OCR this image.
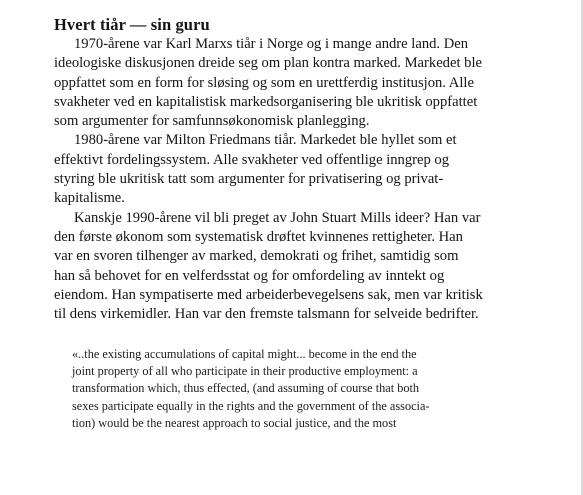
Hvert tiår — sin guru

1970-årene var Karl Marxs tiår i Norge og i mange andre land. Den
ideologiske diskusjonen dreide seg om plan kontra marked. Markedet ble
oppfattet som en form for sløsing og som en urettferdig institusjon. Alle
svakheter ved en kapitalistisk markedsorganisering ble ukritisk oppfattet
som argumenter for samfunnsøkonomisk planlegging.

1980-årene var Milton Friedmans tiår. Markedet ble hyllet som et
effektivt fordelingssystem. Alle svakheter ved offentlige inngrep og
styring ble ukritisk tatt som argumenter for privatisering og privat-
kapitalisme.

Kanskje 1990-årene vil bli preget av John Stuart Mills ideer? Han var
den første økonom som systematisk drøftet kvinnenes rettigheter. Han
var en svoren tilhenger av marked, demokrati og frihet, samtidig som
han så behovet for en velferdsstat og for omfordeling av inntekt og
eiendom. Han sympatiserte med arbeiderbevegelsens sak, men var kritisk
til dens virkemidler. Han var den fremste talsmann for selveide bedrifter.

«..the existing accumulations of capital might... become in the end the
joint property of all who participate in their productive employment: a
transformation which, thus effected, (and assuming of course that both
sexes participate equally in the rights and the government of the associa-
tion) would be the nearest approach to social justice, and the most
